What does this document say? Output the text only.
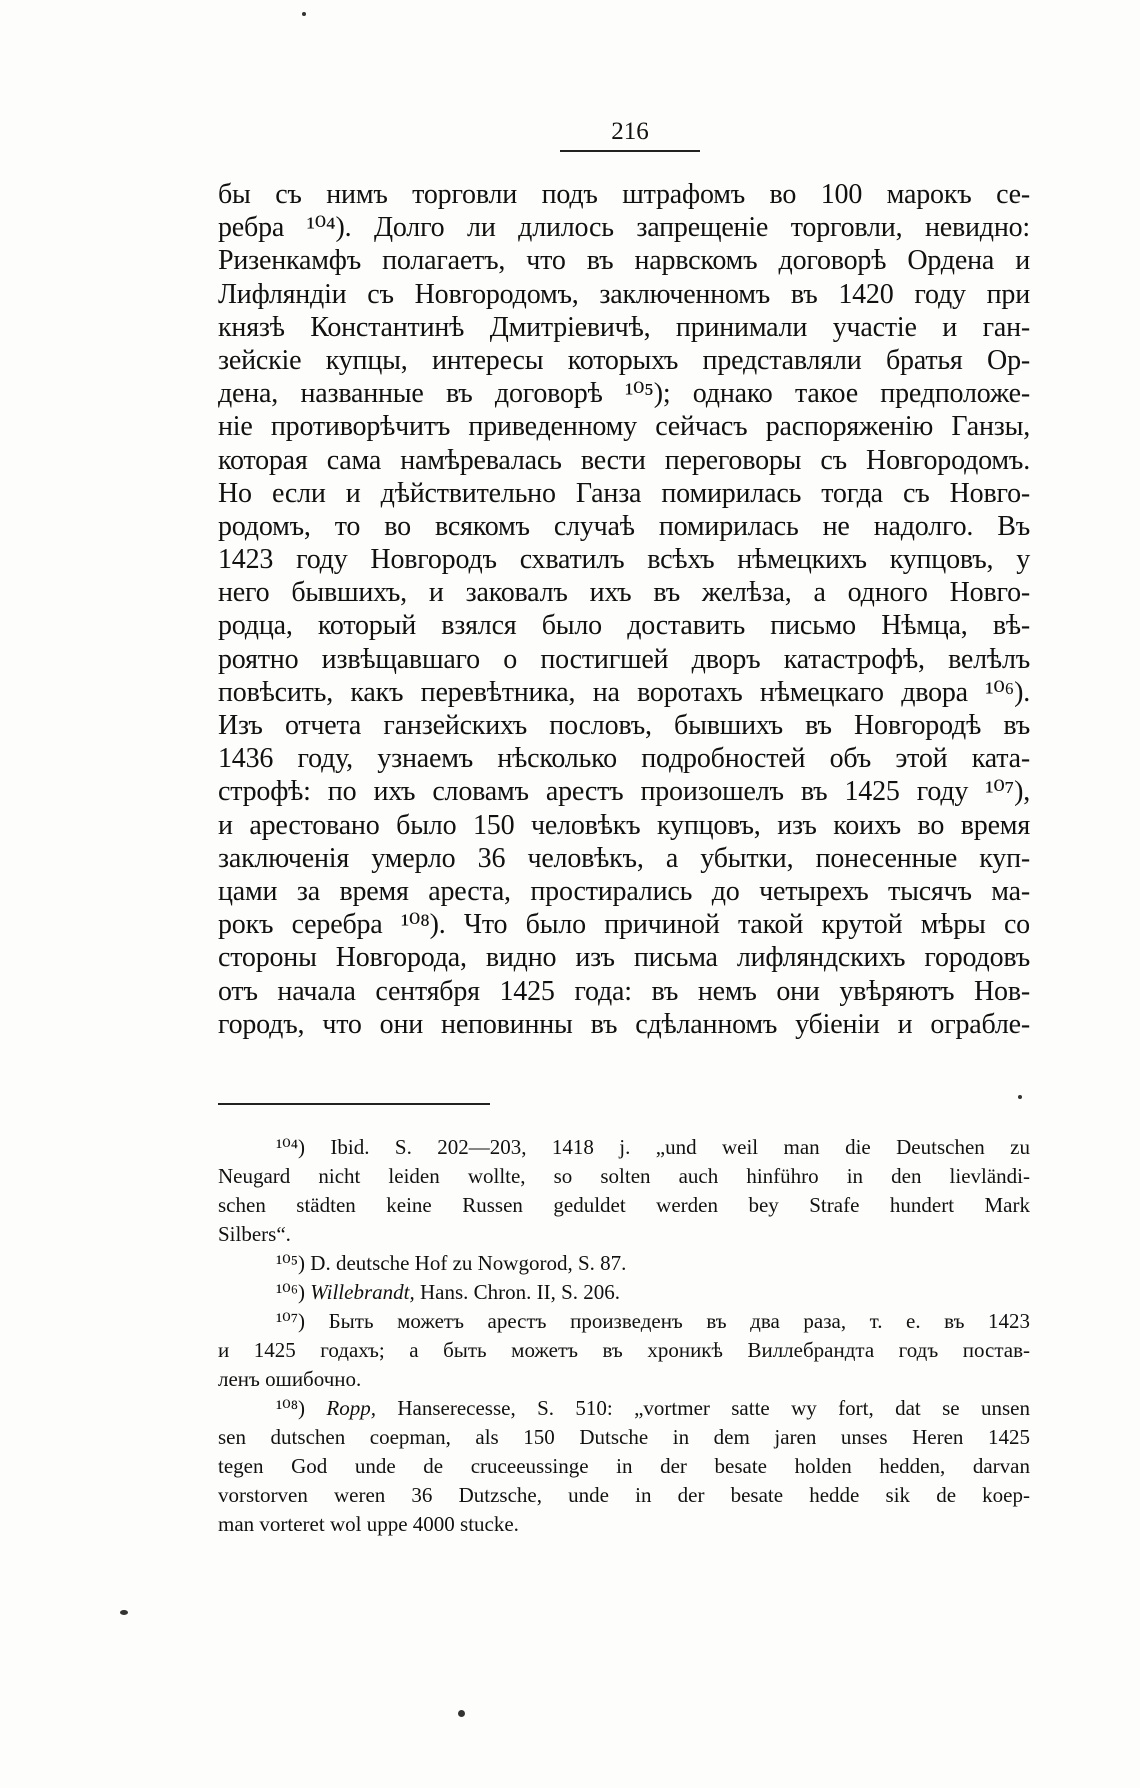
216
бы съ нимъ торговли подъ штрафомъ во 100 марокъ се-
ребра ¹⁰⁴). Долго ли длилось запрещеніе торговли, невидно:
Ризенкамфъ полагаетъ, что въ нарвскомъ договорѣ Ордена и
Лифляндіи съ Новгородомъ, заключенномъ въ 1420 году при
князѣ Константинѣ Дмитріевичѣ, принимали участіе и ган-
зейскіе купцы, интересы которыхъ представляли братья Ор-
дена, названные въ договорѣ ¹⁰⁵); однако такое предположе-
ніе противорѣчитъ приведенному сейчасъ распоряженію Ганзы,
которая сама намѣревалась вести переговоры съ Новгородомъ.
Но если и дѣйствительно Ганза помирилась тогда съ Новго-
родомъ, то во всякомъ случаѣ помирилась не надолго. Въ
1423 году Новгородъ схватилъ всѣхъ нѣмецкихъ купцовъ, у
него бывшихъ, и заковалъ ихъ въ желѣза, а одного Новго-
родца, который взялся было доставить письмо Нѣмца, вѣ-
роятно извѣщавшаго о постигшей дворъ катастрофѣ, велѣлъ
повѣсить, какъ перевѣтника, на воротахъ нѣмецкаго двора ¹⁰⁶).
Изъ отчета ганзейскихъ пословъ, бывшихъ въ Новгородѣ въ
1436 году, узнаемъ нѣсколько подробностей объ этой ката-
строфѣ: по ихъ словамъ арестъ произошелъ въ 1425 году ¹⁰⁷),
и арестовано было 150 человѣкъ купцовъ, изъ коихъ во время
заключенія умерло 36 человѣкъ, а убытки, понесенные куп-
цами за время ареста, простирались до четырехъ тысячъ ма-
рокъ серебра ¹⁰⁸). Что было причиной такой крутой мѣры со
стороны Новгорода, видно изъ письма лифляндскихъ городовъ
отъ начала сентября 1425 года: въ немъ они увѣряютъ Нов-
городъ, что они неповинны въ сдѣланномъ убіеніи и ограбле-
¹⁰⁴) Ibid. S. 202—203, 1418 j. „und weil man die Deutschen zu
Neugard nicht leiden wollte, so solten auch hinführo in den lievländi-
schen städten keine Russen geduldet werden bey Strafe hundert Mark
Silbers“.
¹⁰⁵) D. deutsche Hof zu Nowgorod, S. 87.
¹⁰⁶) Willebrandt, Hans. Chron. II, S. 206.
¹⁰⁷) Быть можетъ арестъ произведенъ въ два раза, т. е. въ 1423
и 1425 годахъ; а быть можетъ въ хроникѣ Виллебрандта годъ постав-
ленъ ошибочно.
¹⁰⁸) Ropp, Hanserecesse, S. 510: „vortmer satte wy fort, dat se unsen
sen dutschen coepman, als 150 Dutsche in dem jaren unses Heren 1425
tegen God unde de cruceeussinge in der besate holden hedden, darvan
vorstorven weren 36 Dutzsche, unde in der besate hedde sik de koep-
man vorteret wol uppe 4000 stucke.
